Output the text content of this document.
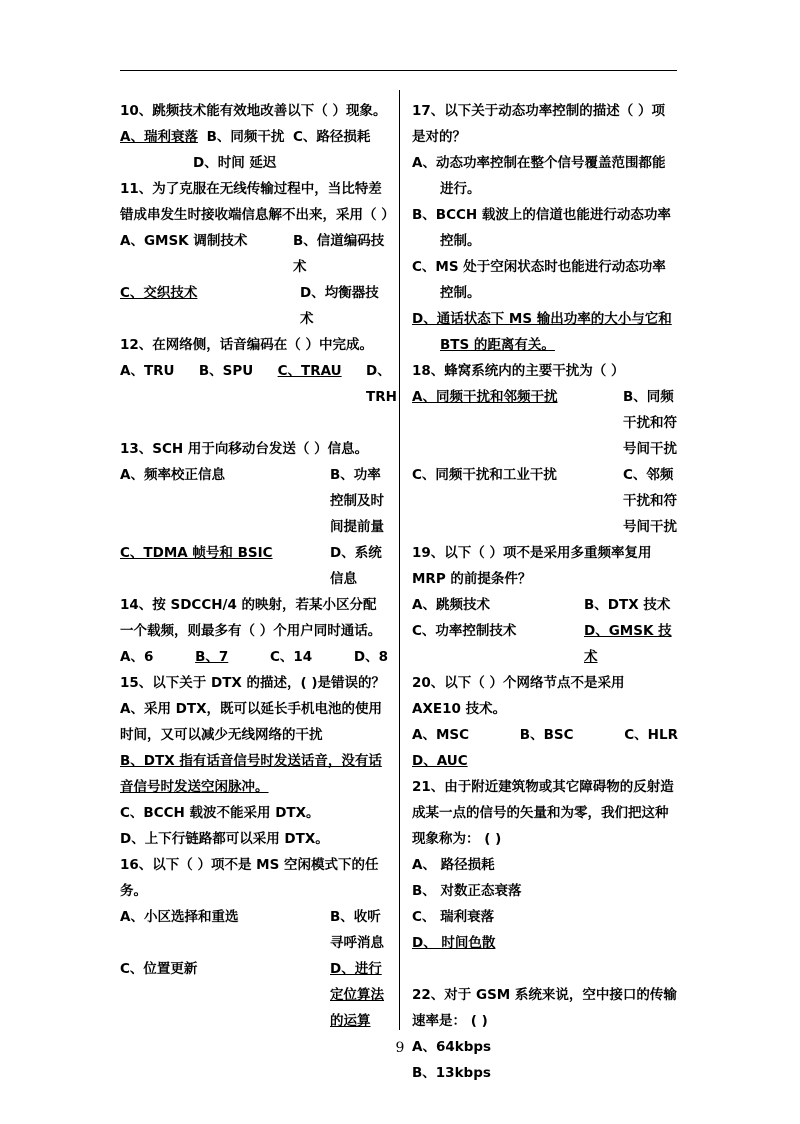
10、跳频技术能有效地改善以下（ ）现象。

A、瑞利衰落 B、同频干扰 C、路径损耗

D、时间 延迟

11、为了克服在无线传输过程中，当比特差错成串发生时接收端信息解不出来，采用（ ）

A、GMSK 调制技术	B、信道编码技术
C、交织技术	D、均衡器技术

12、在网络侧，话音编码在（ ）中完成。

A、TRU B、SPU C、TRAU D、TRH

13、SCH 用于向移动台发送（ ）信息。

A、频率校正信息	B、功率控制及时间提前量
C、TDMA 帧号和 BSIC	D、系统信息

14、按 SDCCH/4 的映射，若某小区分配一个载频，则最多有（ ）个用户同时通话。

A、6	B、7	C、14	D、8

15、以下关于 DTX 的描述，( )是错误的？

A、采用 DTX，既可以延长手机电池的使用时间，又可以减少无线网络的干扰

B、DTX 指有话音信号时发送话音，没有话音信号时发送空闲脉冲。

C、BCCH 载波不能采用 DTX。

D、上下行链路都可以采用 DTX。

16、以下（ ）项不是 MS 空闲模式下的任务。

A、小区选择和重选	B、收听寻呼消息
C、位置更新	D、进行定位算法的运算

17、以下关于动态功率控制的描述（ ）项是对的？

A、动态功率控制在整个信号覆盖范围都能进行。

B、BCCH 载波上的信道也能进行动态功率控制。

C、MS 处于空闲状态时也能进行动态功率控制。

D、通话状态下 MS 输出功率的大小与它和 BTS 的距离有关。

18、蜂窝系统内的主要干扰为（ ）

A、同频干扰和邻频干扰	B、同频干扰和符号间干扰
C、同频干扰和工业干扰	C、邻频干扰和符号间干扰

19、以下（ ）项不是采用多重频率复用 MRP 的前提条件？

A、跳频技术	B、DTX 技术
C、功率控制技术	D、GMSK 技术

20、以下（ ）个网络节点不是采用 AXE10 技术。

A、MSC	B、BSC	C、HLR

D、AUC

21、由于附近建筑物或其它障碍物的反射造成某一点的信号的矢量和为零，我们把这种现象称为： ( )

A、 路径损耗

B、 对数正态衰落

C、 瑞利衰落

D、 时间色散

22、对于 GSM 系统来说，空中接口的传输速率是： ( )

A、64kbps

B、13kbps

9
